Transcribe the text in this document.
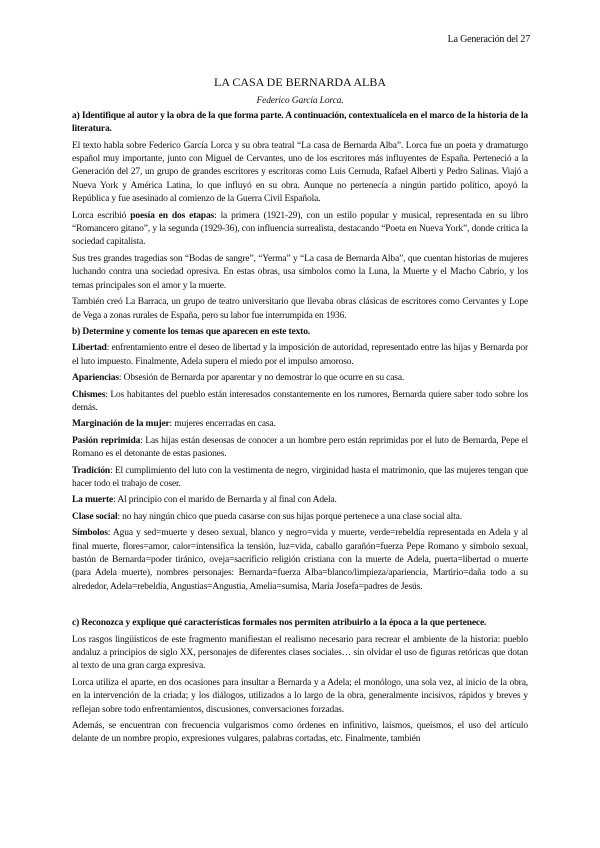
La Generación del 27
LA CASA DE BERNARDA ALBA
Federico García Lorca.

a) Identifique al autor y la obra de la que forma parte. A continuación, contextualícela en el marco de la historia de la literatura.

El texto habla sobre Federico García Lorca y su obra teatral “La casa de Bernarda Alba”. Lorca fue un poeta y dramaturgo español muy importante, junto con Miguel de Cervantes, uno de los escritores más influyentes de España. Perteneció a la Generación del 27, un grupo de grandes escritores y escritoras como Luis Cernuda, Rafael Alberti y Pedro Salinas. Viajó a Nueva York y América Latina, lo que influyó en su obra. Aunque no pertenecía a ningún partido político, apoyó la República y fue asesinado al comienzo de la Guerra Civil Española.

Lorca escribió poesía en dos etapas: la primera (1921-29), con un estilo popular y musical, representada en su libro “Romancero gitano”, y la segunda (1929-36), con influencia surrealista, destacando “Poeta en Nueva York”, donde critica la sociedad capitalista.

Sus tres grandes tragedias son “Bodas de sangre”, “Yerma” y “La casa de Bernarda Alba”, que cuentan historias de mujeres luchando contra una sociedad opresiva. En estas obras, usa símbolos como la Luna, la Muerte y el Macho Cabrío, y los temas principales son el amor y la muerte.

También creó La Barraca, un grupo de teatro universitario que llevaba obras clásicas de escritores como Cervantes y Lope de Vega a zonas rurales de España, pero su labor fue interrumpida en 1936.

b) Determine y comente los temas que aparecen en este texto.

Libertad: enfrentamiento entre el deseo de libertad y la imposición de autoridad, representado entre las hijas y Bernarda por el luto impuesto. Finalmente, Adela supera el miedo por el impulso amoroso.

Apariencias: Obsesión de Bernarda por aparentar y no demostrar lo que ocurre en su casa.

Chismes: Los habitantes del pueblo están interesados constantemente en los rumores, Bernarda quiere saber todo sobre los demás.

Marginación de la mujer: mujeres encerradas en casa.

Pasión reprimida: Las hijas están deseosas de conocer a un hombre pero están reprimidas por el luto de Bernarda, Pepe el Romano es el detonante de estas pasiones.

Tradición: El cumplimiento del luto con la vestimenta de negro, virginidad hasta el matrimonio, que las mujeres tengan que hacer todo el trabajo de coser.

La muerte: Al principio con el marido de Bernarda y al final con Adela.

Clase social: no hay ningún chico que pueda casarse con sus hijas porque pertenece a una clase social alta.

Símbolos: Agua y sed=muerte y deseo sexual, blanco y negro=vida y muerte, verde=rebeldía representada en Adela y al final muerte, flores=amor, calor=intensifica la tensión, luz=vida, caballo garañón=fuerza Pepe Romano y símbolo sexual, bastón de Bernarda=poder tiránico, oveja=sacrificio religión cristiana con la muerte de Adela, puerta=libertad o muerte (para Adela muerte), nombres personajes: Bernarda=fuerza Alba=blanco/limpieza/apariencia, Martirio=daña todo a su alrededor, Adela=rebeldía, Angustias=Angustia, Amelia=sumisa, María Josefa=padres de Jesús.

c) Reconozca y explique qué características formales nos permiten atribuirlo a la época a la que pertenece.

Los rasgos lingüísticos de este fragmento manifiestan el realismo necesario para recrear el ambiente de la historia: pueblo andaluz a principios de siglo XX, personajes de diferentes clases sociales… sin olvidar el uso de figuras retóricas que dotan al texto de una gran carga expresiva.

Lorca utiliza el aparte, en dos ocasiones para insultar a Bernarda y a Adela; el monólogo, una sola vez, al inicio de la obra, en la intervención de la criada; y los diálogos, utilizados a lo largo de la obra, generalmente incisivos, rápidos y breves y reflejan sobre todo enfrentamientos, discusiones, conversaciones forzadas.

Además, se encuentran con frecuencia vulgarismos como órdenes en infinitivo, laísmos, queísmos, el uso del artículo delante de un nombre propio, expresiones vulgares, palabras cortadas, etc. Finalmente, también
